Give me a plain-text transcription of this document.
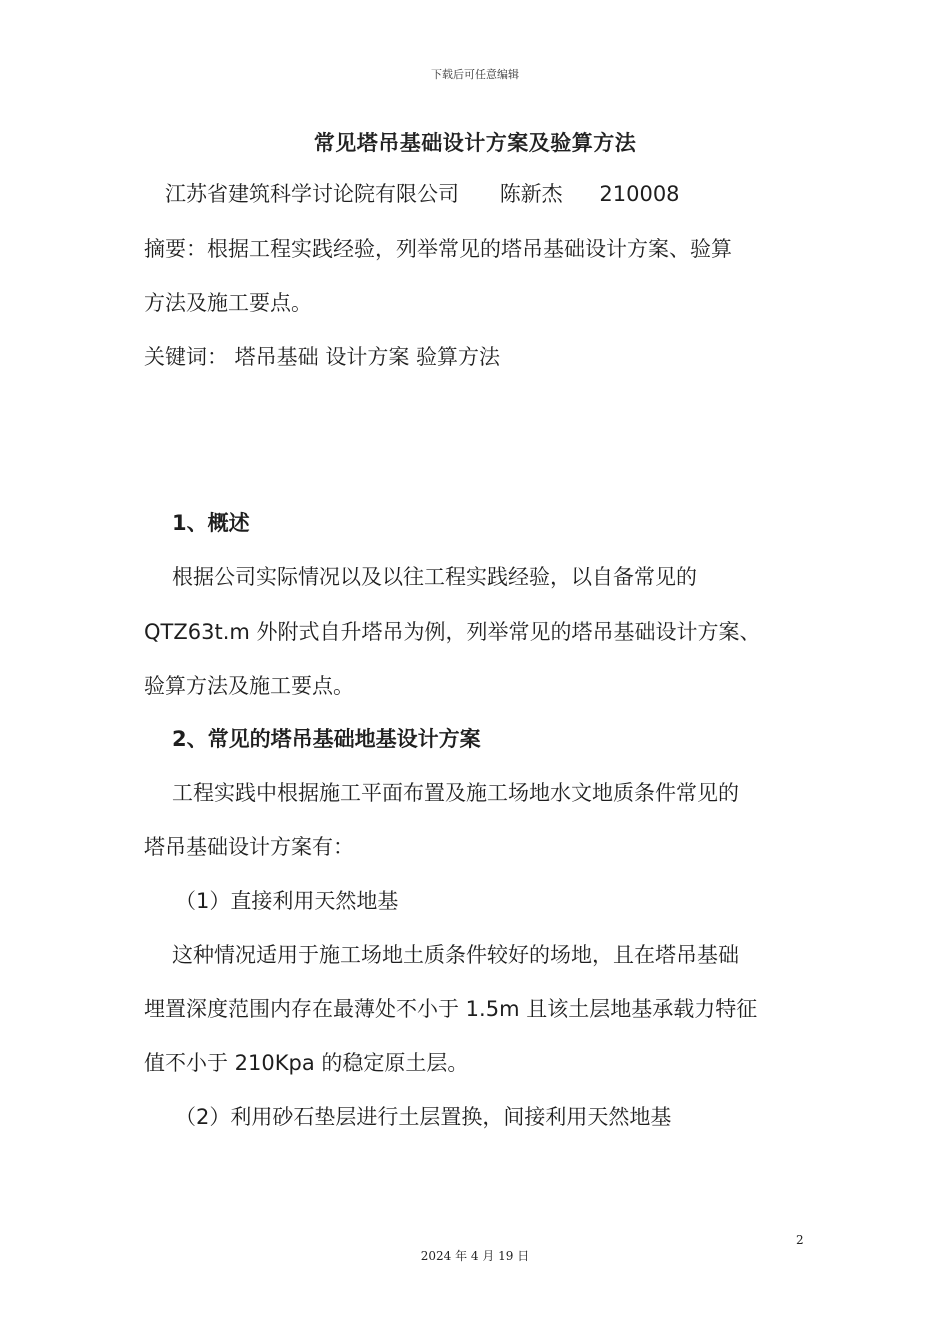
下载后可任意编辑
常见塔吊基础设计方案及验算方法
江苏省建筑科学讨论院有限公司 陈新杰 210008
摘要：根据工程实践经验，列举常见的塔吊基础设计方案、验算
方法及施工要点。
关键词： 塔吊基础 设计方案 验算方法
1、概述
根据公司实际情况以及以往工程实践经验，以自备常见的
QTZ63t.m 外附式自升塔吊为例，列举常见的塔吊基础设计方案、
验算方法及施工要点。
2、常见的塔吊基础地基设计方案
工程实践中根据施工平面布置及施工场地水文地质条件常见的
塔吊基础设计方案有：
（1）直接利用天然地基
这种情况适用于施工场地土质条件较好的场地，且在塔吊基础
埋置深度范围内存在最薄处不小于 1.5m 且该土层地基承载力特征
值不小于 210Kpa 的稳定原土层。
（2）利用砂石垫层进行土层置换，间接利用天然地基
2
2024 年 4 月 19 日
